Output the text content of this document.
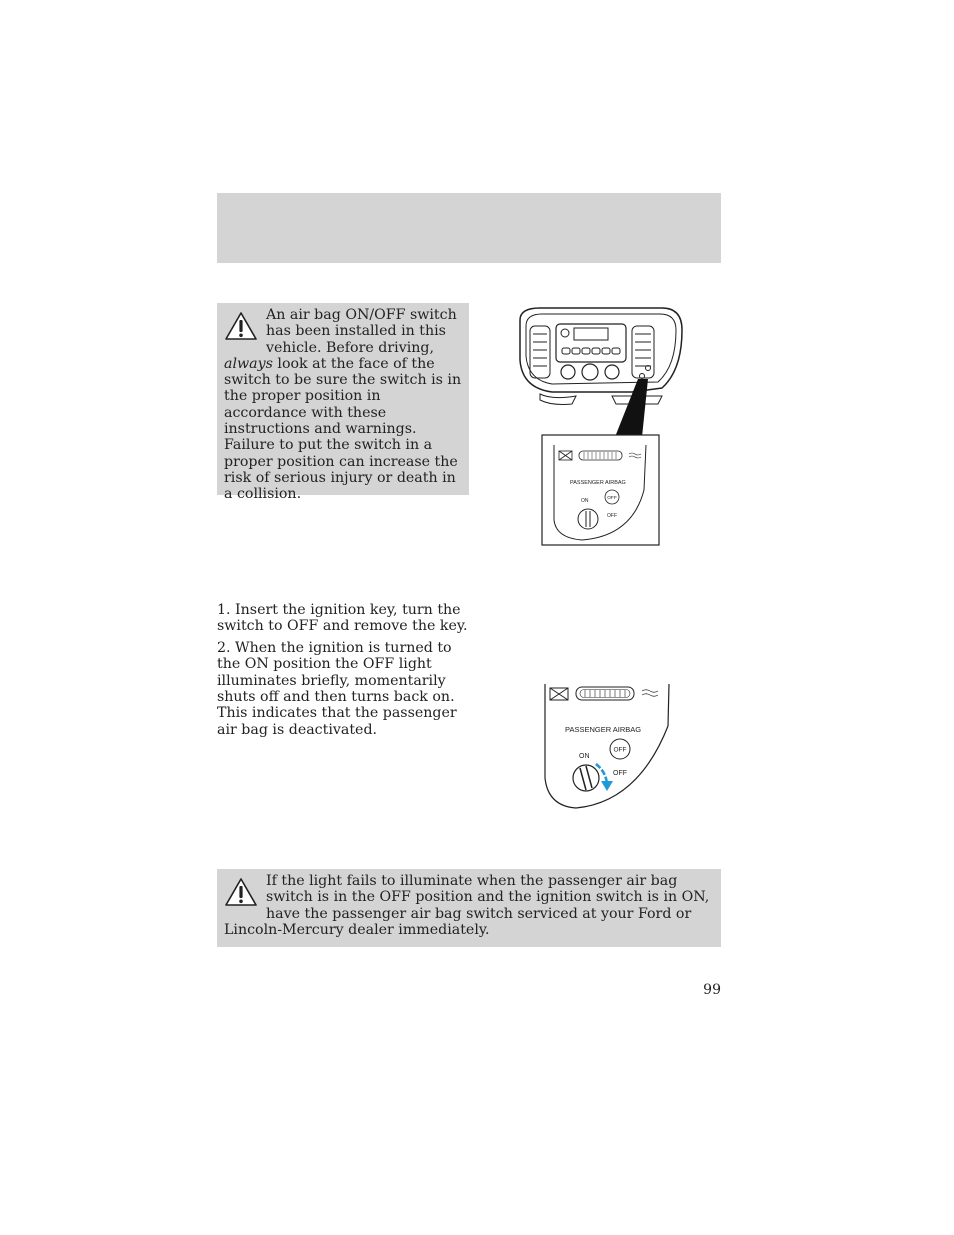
An air bag ON/OFF switch has been installed in this vehicle. Before driving, always look at the face of the switch to be sure the switch is in the proper position in accordance with these instructions and warnings. Failure to put the switch in a proper position can increase the risk of serious injury or death in a collision.
PASSENGER AIRBAG
OFF
ON
OFF

1. Insert the ignition key, turn the switch to OFF and remove the key.

2. When the ignition is turned to the ON position the OFF light illuminates briefly, momentarily shuts off and then turns back on. This indicates that the passenger air bag is deactivated.	PASSENGER AIRBAG
OFF
ON
OFF
If the light fails to illuminate when the passenger air bag switch is in the OFF position and the ignition switch is in ON, have the passenger air bag switch serviced at your Ford or Lincoln-Mercury dealer immediately.
99
